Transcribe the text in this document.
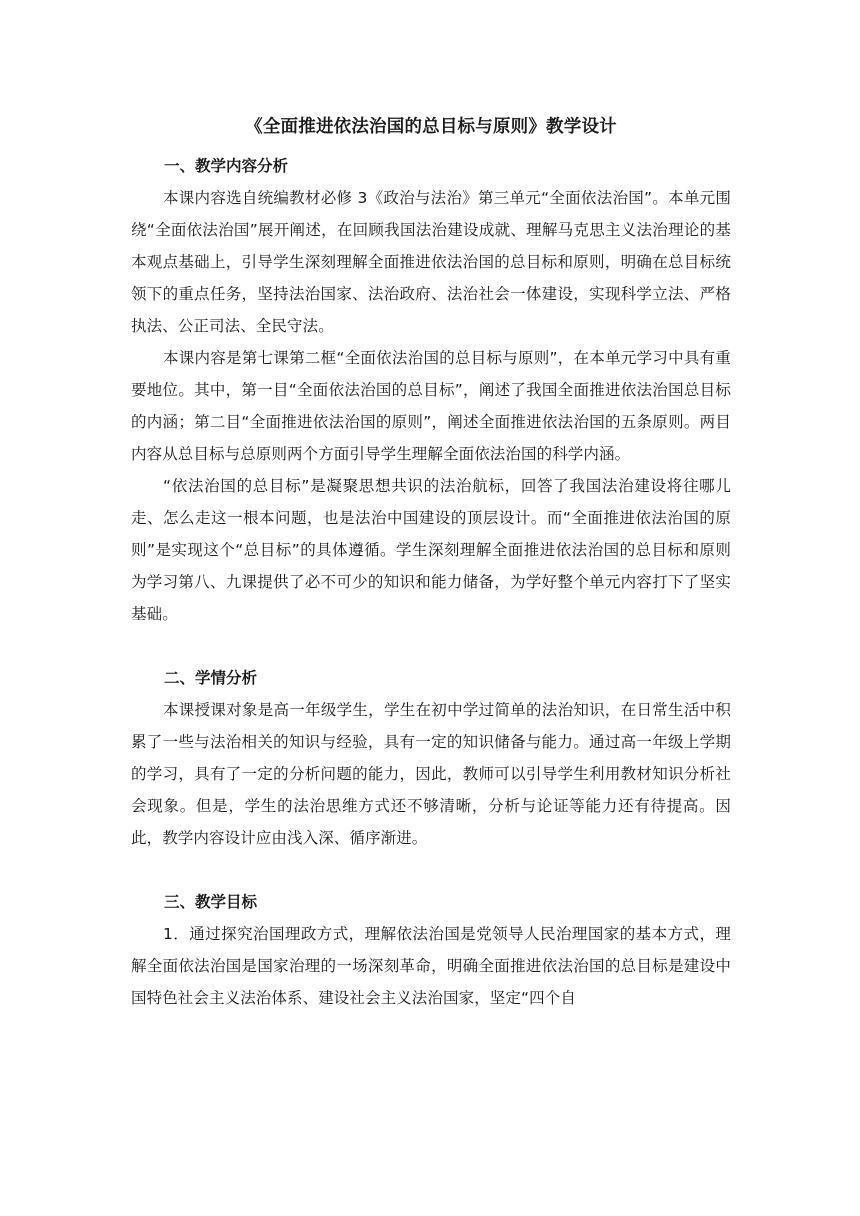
《全面推进依法治国的总目标与原则》教学设计
一、教学内容分析

本课内容选自统编教材必修 3《政治与法治》第三单元“全面依法治国”。本单元围绕“全面依法治国”展开阐述，在回顾我国法治建设成就、理解马克思主义法治理论的基本观点基础上，引导学生深刻理解全面推进依法治国的总目标和原则，明确在总目标统领下的重点任务，坚持法治国家、法治政府、法治社会一体建设，实现科学立法、严格执法、公正司法、全民守法。

本课内容是第七课第二框“全面依法治国的总目标与原则”，在本单元学习中具有重要地位。其中，第一目“全面依法治国的总目标”，阐述了我国全面推进依法治国总目标的内涵；第二目“全面推进依法治国的原则”，阐述全面推进依法治国的五条原则。两目内容从总目标与总原则两个方面引导学生理解全面依法治国的科学内涵。

“依法治国的总目标”是凝聚思想共识的法治航标，回答了我国法治建设将往哪儿走、怎么走这一根本问题，也是法治中国建设的顶层设计。而“全面推进依法治国的原则”是实现这个“总目标”的具体遵循。学生深刻理解全面推进依法治国的总目标和原则为学习第八、九课提供了必不可少的知识和能力储备，为学好整个单元内容打下了坚实基础。

二、学情分析

本课授课对象是高一年级学生，学生在初中学过简单的法治知识，在日常生活中积累了一些与法治相关的知识与经验，具有一定的知识储备与能力。通过高一年级上学期的学习，具有了一定的分析问题的能力，因此，教师可以引导学生利用教材知识分析社会现象。但是，学生的法治思维方式还不够清晰，分析与论证等能力还有待提高。因此，教学内容设计应由浅入深、循序渐进。

三、教学目标

1．通过探究治国理政方式，理解依法治国是党领导人民治理国家的基本方式，理解全面依法治国是国家治理的一场深刻革命，明确全面推进依法治国的总目标是建设中国特色社会主义法治体系、建设社会主义法治国家，坚定“四个自
